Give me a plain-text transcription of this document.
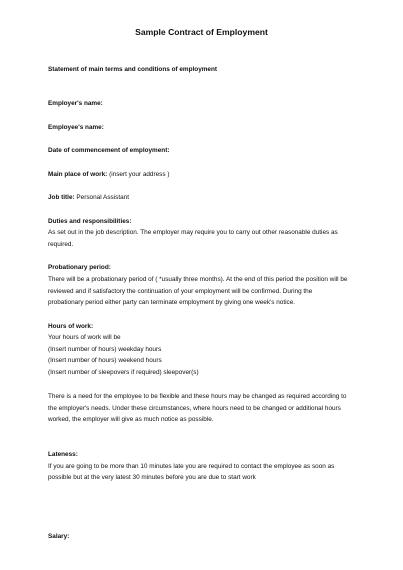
Sample Contract of Employment
Statement of main terms and conditions of employment
Employer's name:
Employee's name:
Date of commencement of employment:
Main place of work: (insert your address )
Job title: Personal Assistant
Duties and responsibilities:
As set out in the job description. The employer may require you to carry out other reasonable duties as
required.
Probationary period:
There will be a probationary period of ( *usually three months). At the end of this period the position will be
reviewed and if satisfactory the continuation of your employment will be confirmed. During the
probationary period either party can terminate employment by giving one week's notice.
Hours of work:
Your hours of work will be
(Insert number of hours) weekday hours
(Insert number of hours) weekend hours
(Insert number of sleepovers if required) sleepover(s)
There is a need for the employee to be flexible and these hours may be changed as required according to
the employer's needs. Under these circumstances, where hours need to be changed or additional hours
worked, the employer will give as much notice as possible.
Lateness:
If you are going to be more than 10 minutes late you are required to contact the employee as soon as
possible but at the very latest 30 minutes before you are due to start work
Salary:
